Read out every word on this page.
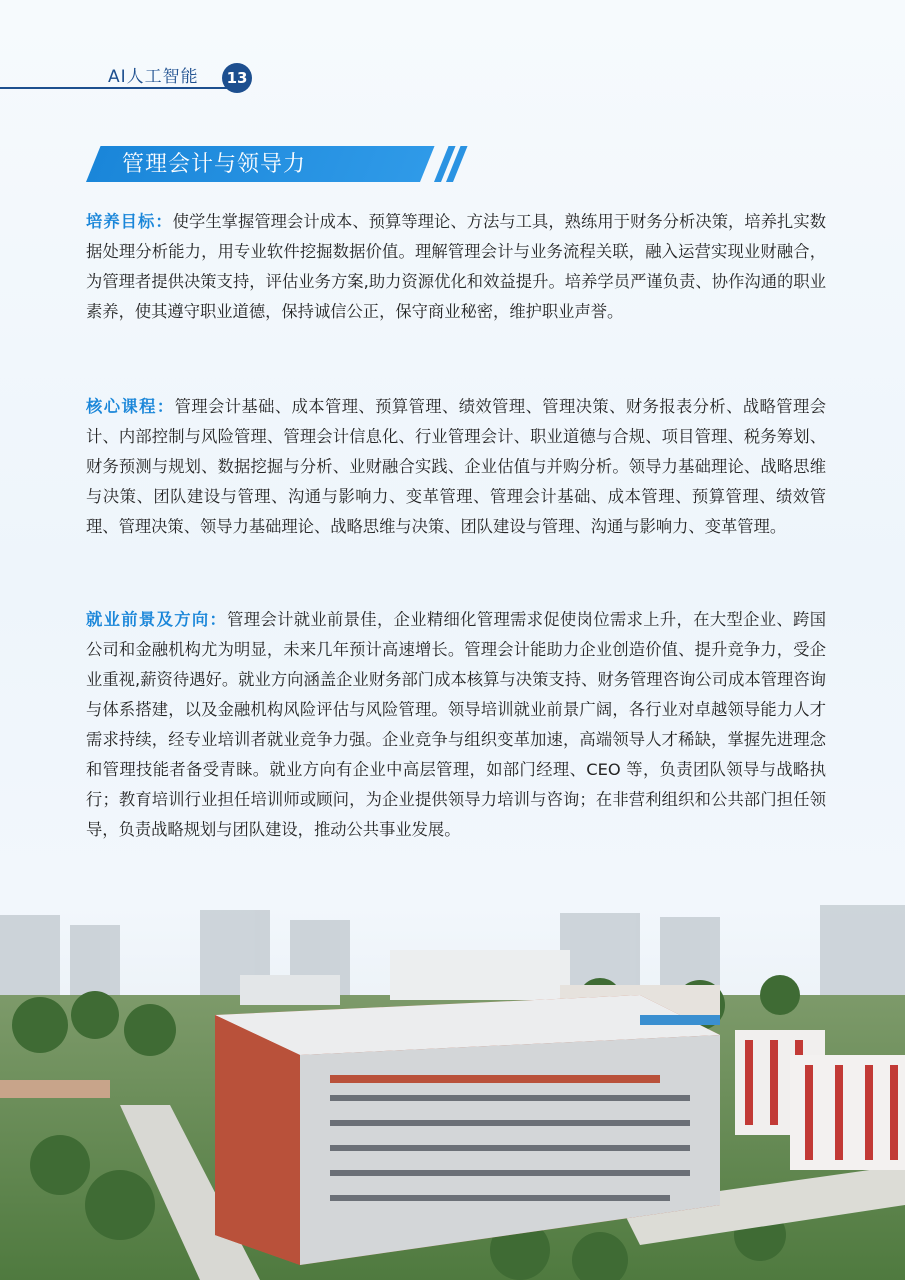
AI人工智能	13
管理会计与领导力

培养目标：使学生掌握管理会计成本、预算等理论、方法与工具，熟练用于财务分析决策，培养扎实数据处理分析能力，用专业软件挖掘数据价值。理解管理会计与业务流程关联，融入运营实现业财融合，为管理者提供决策支持，评估业务方案,助力资源优化和效益提升。培养学员严谨负责、协作沟通的职业素养，使其遵守职业道德，保持诚信公正，保守商业秘密，维护职业声誉。

核心课程：管理会计基础、成本管理、预算管理、绩效管理、管理决策、财务报表分析、战略管理会计、内部控制与风险管理、管理会计信息化、行业管理会计、职业道德与合规、项目管理、税务筹划、财务预测与规划、数据挖掘与分析、业财融合实践、企业估值与并购分析。领导力基础理论、战略思维与决策、团队建设与管理、沟通与影响力、变革管理、管理会计基础、成本管理、预算管理、绩效管理、管理决策、领导力基础理论、战略思维与决策、团队建设与管理、沟通与影响力、变革管理。

就业前景及方向：管理会计就业前景佳，企业精细化管理需求促使岗位需求上升，在大型企业、跨国公司和金融机构尤为明显，未来几年预计高速增长。管理会计能助力企业创造价值、提升竞争力，受企业重视,薪资待遇好。就业方向涵盖企业财务部门成本核算与决策支持、财务管理咨询公司成本管理咨询与体系搭建，以及金融机构风险评估与风险管理。领导培训就业前景广阔，各行业对卓越领导能力人才需求持续，经专业培训者就业竞争力强。企业竞争与组织变革加速，高端领导人才稀缺，掌握先进理念和管理技能者备受青睐。就业方向有企业中高层管理，如部门经理、CEO 等，负责团队领导与战略执行；教育培训行业担任培训师或顾问，为企业提供领导力培训与咨询；在非营利组织和公共部门担任领导，负责战略规划与团队建设，推动公共事业发展。
